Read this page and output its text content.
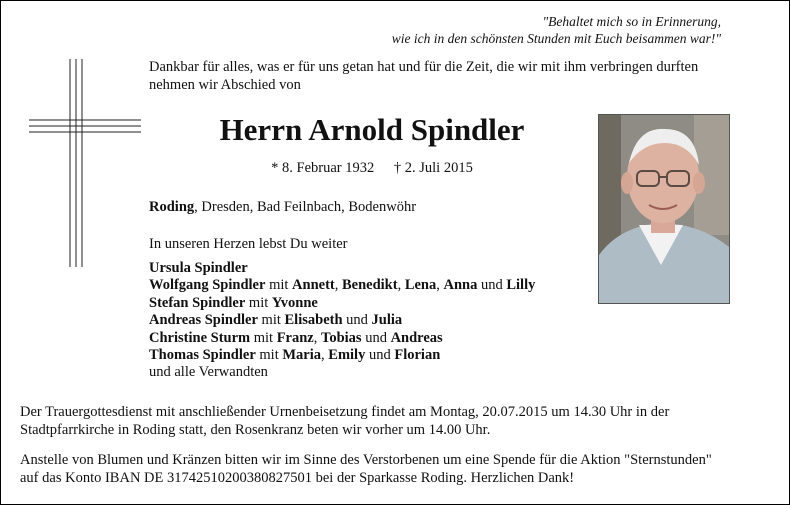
"Behaltet mich so in Erinnerung,
wie ich in den schönsten Stunden mit Euch beisammen war!"
Dankbar für alles, was er für uns getan hat und für die Zeit, die wir mit ihm verbringen durften
nehmen wir Abschied von
Herrn Arnold Spindler
* 8. Februar 1932 † 2. Juli 2015
Roding, Dresden, Bad Feilnbach, Bodenwöhr
In unseren Herzen lebst Du weiter
Ursula Spindler
Wolfgang Spindler mit Annett, Benedikt, Lena, Anna und Lilly
Stefan Spindler mit Yvonne
Andreas Spindler mit Elisabeth und Julia
Christine Sturm mit Franz, Tobias und Andreas
Thomas Spindler mit Maria, Emily und Florian
und alle Verwandten
Der Trauergottesdienst mit anschließender Urnenbeisetzung findet am Montag, 20.07.2015 um 14.30 Uhr in der
Stadtpfarrkirche in Roding statt, den Rosenkranz beten wir vorher um 14.00 Uhr.
Anstelle von Blumen und Kränzen bitten wir im Sinne des Verstorbenen um eine Spende für die Aktion "Sternstunden"
auf das Konto IBAN DE 31742510200380827501 bei der Sparkasse Roding. Herzlichen Dank!
